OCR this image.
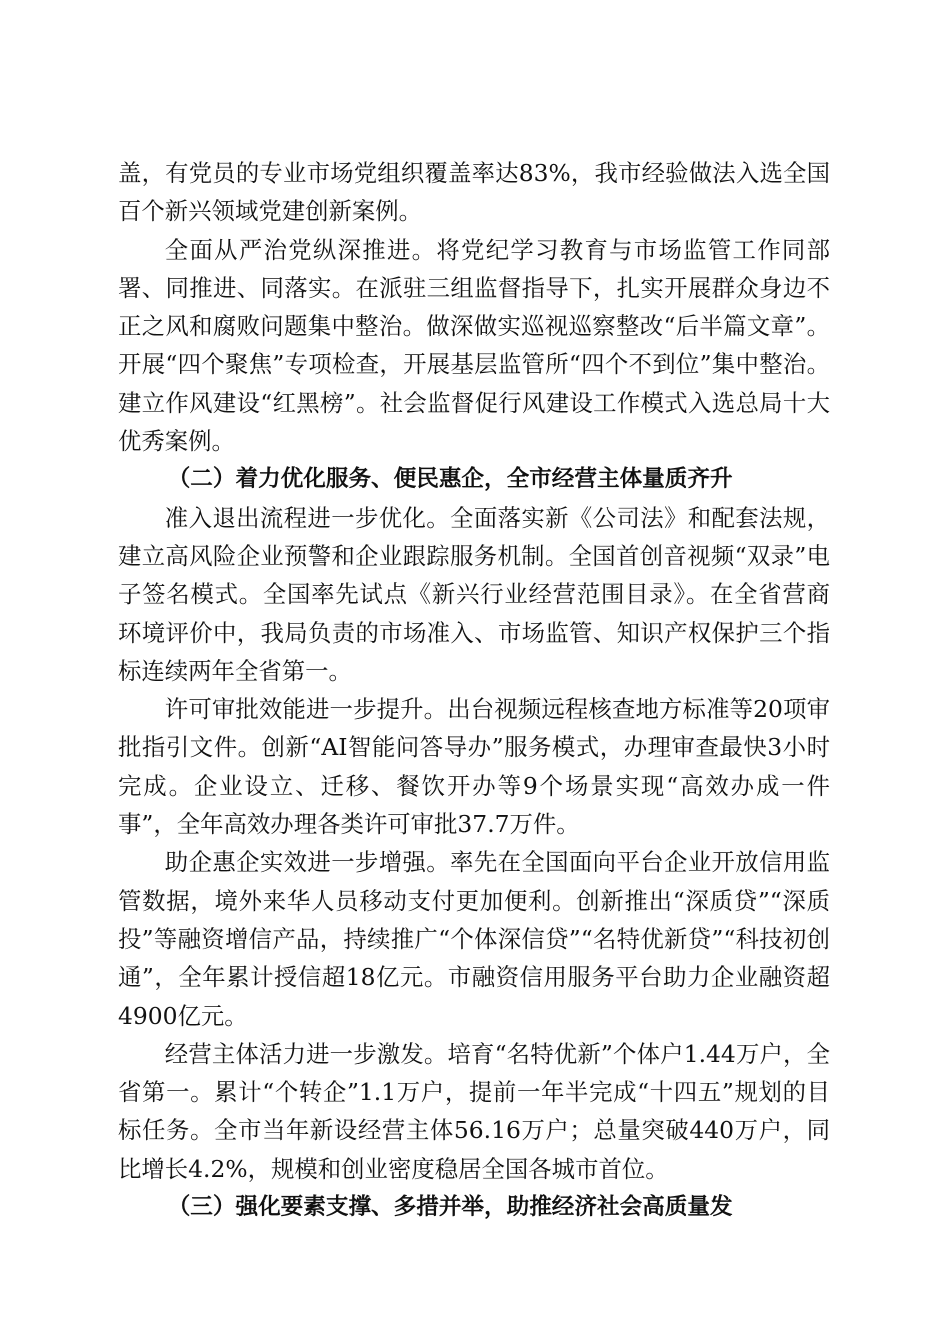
盖，有党员的专业市场党组织覆盖率达83%，我市经验做法入选全国百个新兴领域党建创新案例。

全面从严治党纵深推进。将党纪学习教育与市场监管工作同部署、同推进、同落实。在派驻三组监督指导下，扎实开展群众身边不正之风和腐败问题集中整治。做深做实巡视巡察整改“后半篇文章”。开展“四个聚焦”专项检查，开展基层监管所“四个不到位”集中整治。建立作风建设“红黑榜”。社会监督促行风建设工作模式入选总局十大优秀案例。

（二）着力优化服务、便民惠企，全市经营主体量质齐升

准入退出流程进一步优化。全面落实新《公司法》和配套法规，建立高风险企业预警和企业跟踪服务机制。全国首创音视频“双录”电子签名模式。全国率先试点《新兴行业经营范围目录》。在全省营商环境评价中，我局负责的市场准入、市场监管、知识产权保护三个指标连续两年全省第一。

许可审批效能进一步提升。出台视频远程核查地方标准等20项审批指引文件。创新“AI智能问答导办”服务模式，办理审查最快3小时完成。企业设立、迁移、餐饮开办等9个场景实现“高效办成一件事”，全年高效办理各类许可审批37.7万件。

助企惠企实效进一步增强。率先在全国面向平台企业开放信用监管数据，境外来华人员移动支付更加便利。创新推出“深质贷”“深质投”等融资增信产品，持续推广“个体深信贷”“名特优新贷”“科技初创通”，全年累计授信超18亿元。市融资信用服务平台助力企业融资超4900亿元。

经营主体活力进一步激发。培育“名特优新”个体户1.44万户，全省第一。累计“个转企”1.1万户，提前一年半完成“十四五”规划的目标任务。全市当年新设经营主体56.16万户；总量突破440万户，同比增长4.2%，规模和创业密度稳居全国各城市首位。

（三）强化要素支撑、多措并举，助推经济社会高质量发
